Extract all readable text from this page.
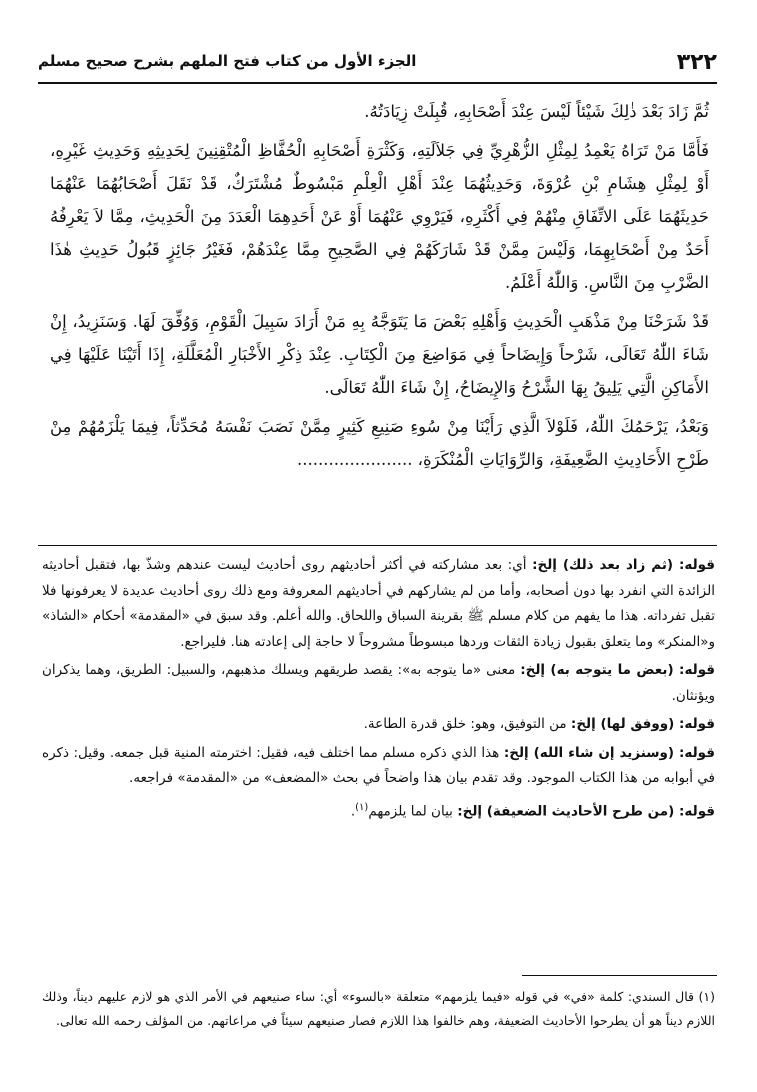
٣٢٢
الجزء الأول من كتاب فتح الملهم بشرح صحيح مسلم

ثُمَّ زَادَ بَعْدَ ذٰلِكَ شَيْئاً لَيْسَ عِنْدَ أَصْحَابِهِ، قُبِلَتْ زِيَادَتُهُ.

فَأَمَّا مَنْ تَرَاهُ يَعْمِدُ لِمِثْلِ الزُّهْرِيِّ فِي جَلاَلَتِهِ، وَكَثْرَةِ أَصْحَابِهِ الْحُفَّاظِ الْمُتْقِنِينَ لِحَدِيثِهِ وَحَدِيثِ غَيْرِهِ، أَوْ لِمِثْلِ هِشَامِ بْنِ عُرْوَةَ، وَحَدِيثُهُمَا عِنْدَ أَهْلِ الْعِلْمِ مَبْسُوطٌ مُشْتَرَكٌ، قَدْ نَقَلَ أَصْحَابُهُمَا عَنْهُمَا حَدِيثَهُمَا عَلَى الاتِّفَاقِ مِنْهُمْ فِي أَكْثَرِهِ، فَيَرْوِي عَنْهُمَا أَوْ عَنْ أَحَدِهِمَا الْعَدَدَ مِنَ الْحَدِيثِ، مِمَّا لاَ يَعْرِفُهُ أَحَدٌ مِنْ أَصْحَابِهِمَا، وَلَيْسَ مِمَّنْ قَدْ شَارَكَهُمْ فِي الصَّحِيحِ مِمَّا عِنْدَهُمْ، فَغَيْرُ جَائِزٍ قَبُولُ حَدِيثِ هٰذَا الضَّرْبِ مِنَ النَّاسِ. وَاللّٰهُ أَعْلَمُ.

قَدْ شَرَحْنَا مِنْ مَذْهَبِ الْحَدِيثِ وَأَهْلِهِ بَعْضَ مَا يَتَوَجَّهُ بِهِ مَنْ أَرَادَ سَبِيلَ الْقَوْمِ، وَوُفِّقَ لَهَا. وَسَنَزِيدُ، إِنْ شَاءَ اللّٰهُ تَعَالَى، شَرْحاً وَإِيضَاحاً فِي مَوَاضِعَ مِنَ الْكِتَابِ. عِنْدَ ذِكْرِ الأَخْبَارِ الْمُعَلَّلَةِ، إِذَا أَتَيْنَا عَلَيْهَا فِي الأَمَاكِنِ الَّتِي يَلِيقُ بِهَا الشَّرْحُ وَالإِيضَاحُ، إِنْ شَاءَ اللّٰهُ تَعَالَى.

وَبَعْدُ، يَرْحَمُكَ اللّٰهُ، فَلَوْلاَ الَّذِي رَأَيْنَا مِنْ سُوءِ صَنِيعِ كَثِيرٍ مِمَّنْ نَصَبَ نَفْسَهُ مُحَدِّثاً، فِيمَا يَلْزَمُهُمْ مِنْ طَرْحِ الأَحَادِيثِ الضَّعِيفَةِ، وَالرِّوَايَاتِ الْمُنْكَرَةِ، ......................

قوله: (ثم زاد بعد ذلك) إلخ: أي: بعد مشاركته في أكثر أحاديثهم روى أحاديث ليست عندهم وشذّ بها، فتقبل أحاديثه الزائدة التي انفرد بها دون أصحابه، وأما من لم يشاركهم في أحاديثهم المعروفة ومع ذلك روى أحاديث عديدة لا يعرفونها فلا تقبل تفرداته. هذا ما يفهم من كلام مسلم ﷺ بقرينة السباق واللحاق. والله أعلم. وقد سبق في «المقدمة» أحكام «الشاذ» و«المنكر» وما يتعلق بقبول زيادة الثقات وردها مبسوطاً مشروحاً لا حاجة إلى إعادته هنا. فليراجع.

قوله: (بعض ما يتوجه به) إلخ: معنى «ما يتوجه به»: يقصد طريقهم ويسلك مذهبهم، والسبيل: الطريق، وهما يذكران ويؤنثان.

قوله: (ووفق لها) إلخ: من التوفيق، وهو: خلق قدرة الطاعة.

قوله: (وسنزيد إن شاء الله) إلخ: هذا الذي ذكره مسلم مما اختلف فيه، فقيل: اخترمته المنية قبل جمعه. وقيل: ذكره في أبوابه من هذا الكتاب الموجود. وقد تقدم بيان هذا واضحاً في بحث «المضعف» من «المقدمة» فراجعه.

قوله: (من طرح الأحاديث الضعيفة) إلخ: بيان لما يلزمهم$^{(١)}$.

(١) قال السندي: كلمة «في» في قوله «فيما يلزمهم» متعلقة «بالسوء» أي: ساء صنيعهم في الأمر الذي هو لازم عليهم ديناً، وذلك اللازم ديناً هو أن يطرحوا الأحاديث الضعيفة، وهم خالفوا هذا اللازم فصار صنيعهم سيئاً في مراعاتهم. من المؤلف رحمه الله تعالى.
